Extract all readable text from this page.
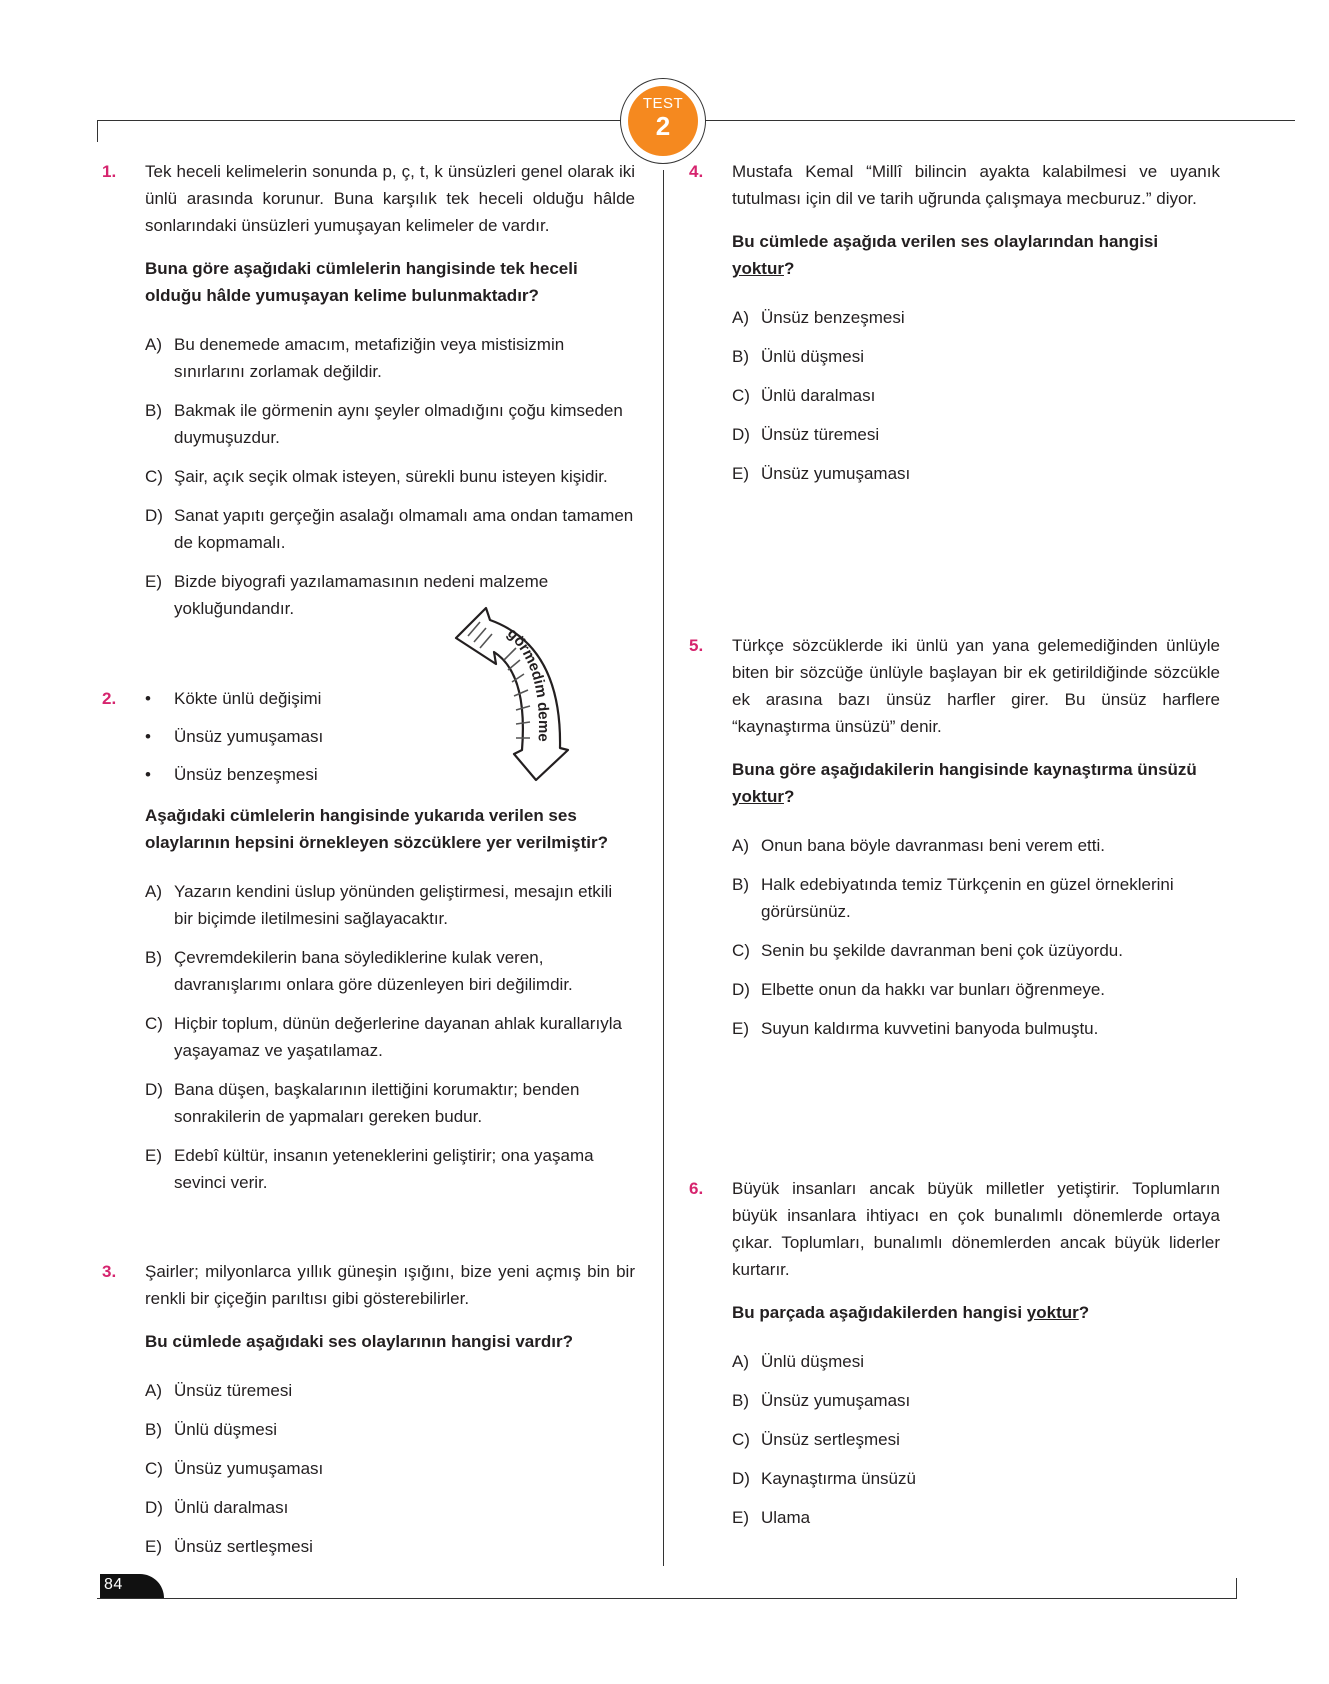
TEST
2
84
görmedim deme
1.	Tek heceli kelimelerin sonunda p, ç, t, k ünsüzleri genel olarak iki ünlü arasında korunur. Buna karşılık tek heceli olduğu hâlde sonlarındaki ünsüzleri yumuşayan kelimeler de vardır.

Buna göre aşağıdaki cümlelerin hangisinde tek heceli olduğu hâlde yumuşayan kelime bulunmaktadır?

A) Bu denemede amacım, metafiziğin veya mistisizmin sınırlarını zorlamak değildir.
B) Bakmak ile görmenin aynı şeyler olmadığını çoğu kimseden duymuşuzdur.
C) Şair, açık seçik olmak isteyen, sürekli bunu isteyen kişidir.
D) Sanat yapıtı gerçeğin asalağı olmamalı ama ondan tamamen de kopmamalı.
E) Bizde biyografi yazılamamasının nedeni malzeme yokluğundandır.
2.	• Kökte ünlü değişimi
• Ünsüz yumuşaması
• Ünsüz benzeşmesi

Aşağıdaki cümlelerin hangisinde yukarıda verilen ses olaylarının hepsini örnekleyen sözcüklere yer verilmiştir?

A) Yazarın kendini üslup yönünden geliştirmesi, mesajın etkili bir biçimde iletilmesini sağlayacaktır.
B) Çevremdekilerin bana söylediklerine kulak veren, davranışlarımı onlara göre düzenleyen biri değilimdir.
C) Hiçbir toplum, dünün değerlerine dayanan ahlak kurallarıyla yaşayamaz ve yaşatılamaz.
D) Bana düşen, başkalarının ilettiğini korumaktır; benden sonrakilerin de yapmaları gereken budur.
E) Edebî kültür, insanın yeteneklerini geliştirir; ona yaşama sevinci verir.
3.	Şairler; milyonlarca yıllık güneşin ışığını, bize yeni açmış bin bir renkli bir çiçeğin parıltısı gibi gösterebilirler.

Bu cümlede aşağıdaki ses olaylarının hangisi vardır?

A) Ünsüz türemesi
B) Ünlü düşmesi
C) Ünsüz yumuşaması
D) Ünlü daralması
E) Ünsüz sertleşmesi
4.	Mustafa Kemal “Millî bilincin ayakta kalabilmesi ve uyanık tutulması için dil ve tarih uğrunda çalışmaya mecburuz.” diyor.

Bu cümlede aşağıda verilen ses olaylarından hangisi yoktur?

A) Ünsüz benzeşmesi
B) Ünlü düşmesi
C) Ünlü daralması
D) Ünsüz türemesi
E) Ünsüz yumuşaması
5.	Türkçe sözcüklerde iki ünlü yan yana gelemediğinden ünlüyle biten bir sözcüğe ünlüyle başlayan bir ek getirildiğinde sözcükle ek arasına bazı ünsüz harfler girer. Bu ünsüz harflere “kaynaştırma ünsüzü” denir.

Buna göre aşağıdakilerin hangisinde kaynaştırma ünsüzü yoktur?

A) Onun bana böyle davranması beni verem etti.
B) Halk edebiyatında temiz Türkçenin en güzel örneklerini görürsünüz.
C) Senin bu şekilde davranman beni çok üzüyordu.
D) Elbette onun da hakkı var bunları öğrenmeye.
E) Suyun kaldırma kuvvetini banyoda bulmuştu.
6.	Büyük insanları ancak büyük milletler yetiştirir. Toplumların büyük insanlara ihtiyacı en çok bunalımlı dönemlerde ortaya çıkar. Toplumları, bunalımlı dönemlerden ancak büyük liderler kurtarır.

Bu parçada aşağıdakilerden hangisi yoktur?

A) Ünlü düşmesi
B) Ünsüz yumuşaması
C) Ünsüz sertleşmesi
D) Kaynaştırma ünsüzü
E) Ulama
